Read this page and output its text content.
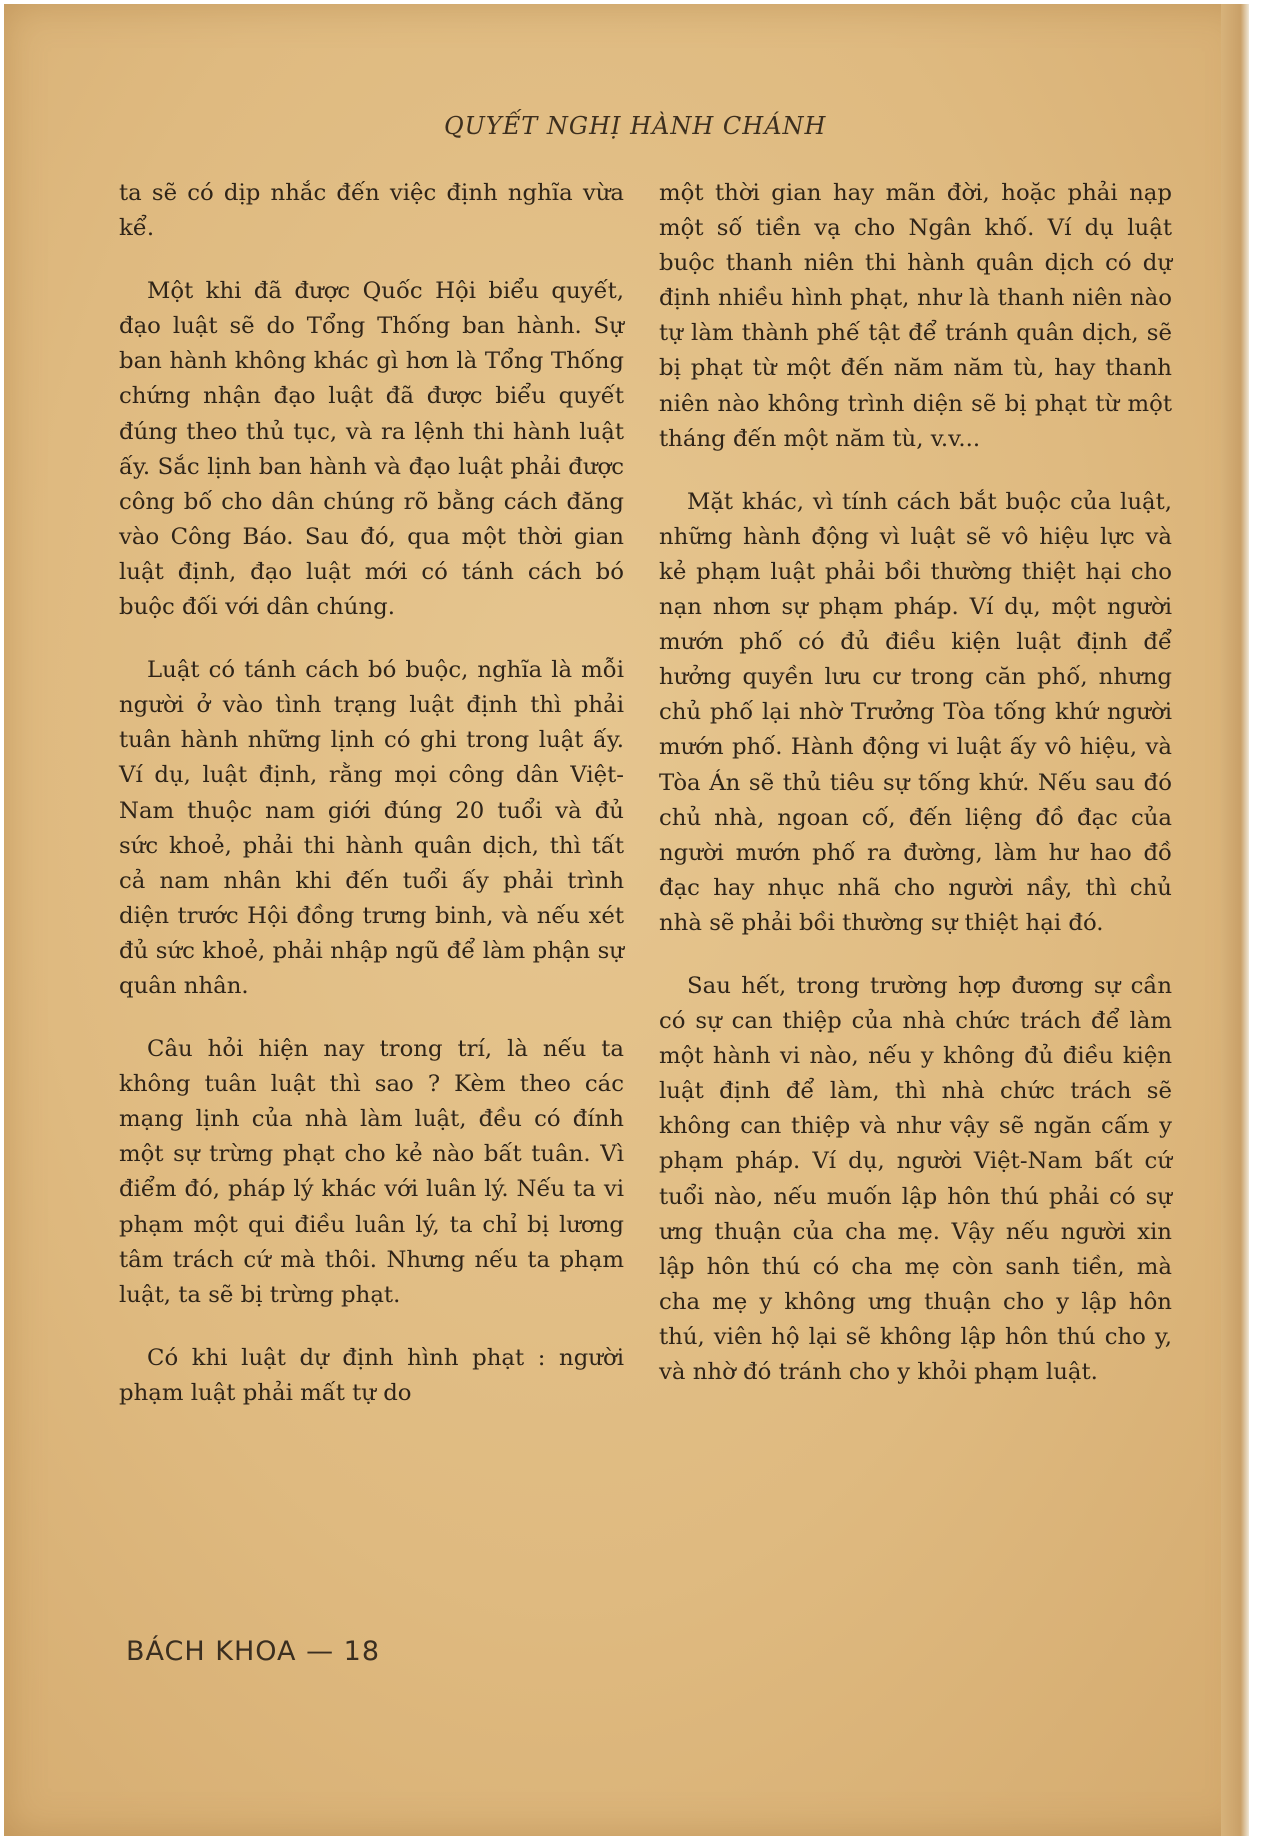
QUYẾT NGHỊ HÀNH CHÁNH

ta sẽ có dịp nhắc đến việc định nghĩa vừa kể.

Một khi đã được Quốc Hội biểu quyết, đạo luật sẽ do Tổng Thống ban hành. Sự ban hành không khác gì hơn là Tổng Thống chứng nhận đạo luật đã được biểu quyết đúng theo thủ tục, và ra lệnh thi hành luật ấy. Sắc lịnh ban hành và đạo luật phải được công bố cho dân chúng rõ bằng cách đăng vào Công Báo. Sau đó, qua một thời gian luật định, đạo luật mới có tánh cách bó buộc đối với dân chúng.

Luật có tánh cách bó buộc, nghĩa là mỗi người ở vào tình trạng luật định thì phải tuân hành những lịnh có ghi trong luật ấy. Ví dụ, luật định, rằng mọi công dân Việt-Nam thuộc nam giới đúng 20 tuổi và đủ sức khoẻ, phải thi hành quân dịch, thì tất cả nam nhân khi đến tuổi ấy phải trình diện trước Hội đồng trưng binh, và nếu xét đủ sức khoẻ, phải nhập ngũ để làm phận sự quân nhân.

Câu hỏi hiện nay trong trí, là nếu ta không tuân luật thì sao ? Kèm theo các mạng lịnh của nhà làm luật, đều có đính một sự trừng phạt cho kẻ nào bất tuân. Vì điểm đó, pháp lý khác với luân lý. Nếu ta vi phạm một qui điều luân lý, ta chỉ bị lương tâm trách cứ mà thôi. Nhưng nếu ta phạm luật, ta sẽ bị trừng phạt.

Có khi luật dự định hình phạt : người phạm luật phải mất tự do

một thời gian hay mãn đời, hoặc phải nạp một số tiền vạ cho Ngân khố. Ví dụ luật buộc thanh niên thi hành quân dịch có dự định nhiều hình phạt, như là thanh niên nào tự làm thành phế tật để tránh quân dịch, sẽ bị phạt từ một đến năm năm tù, hay thanh niên nào không trình diện sẽ bị phạt từ một tháng đến một năm tù, v.v...

Mặt khác, vì tính cách bắt buộc của luật, những hành động vì luật sẽ vô hiệu lực và kẻ phạm luật phải bồi thường thiệt hại cho nạn nhơn sự phạm pháp. Ví dụ, một người mướn phố có đủ điều kiện luật định để hưởng quyền lưu cư trong căn phố, nhưng chủ phố lại nhờ Trưởng Tòa tống khứ người mướn phố. Hành động vi luật ấy vô hiệu, và Tòa Án sẽ thủ tiêu sự tống khứ. Nếu sau đó chủ nhà, ngoan cố, đến liệng đồ đạc của người mướn phố ra đường, làm hư hao đồ đạc hay nhục nhã cho người nầy, thì chủ nhà sẽ phải bồi thường sự thiệt hại đó.

Sau hết, trong trường hợp đương sự cần có sự can thiệp của nhà chức trách để làm một hành vi nào, nếu y không đủ điều kiện luật định để làm, thì nhà chức trách sẽ không can thiệp và như vậy sẽ ngăn cấm y phạm pháp. Ví dụ, người Việt-Nam bất cứ tuổi nào, nếu muốn lập hôn thú phải có sự ưng thuận của cha mẹ. Vậy nếu người xin lập hôn thú có cha mẹ còn sanh tiền, mà cha mẹ y không ưng thuận cho y lập hôn thú, viên hộ lại sẽ không lập hôn thú cho y, và nhờ đó tránh cho y khỏi phạm luật.

BÁCH KHOA — 18
